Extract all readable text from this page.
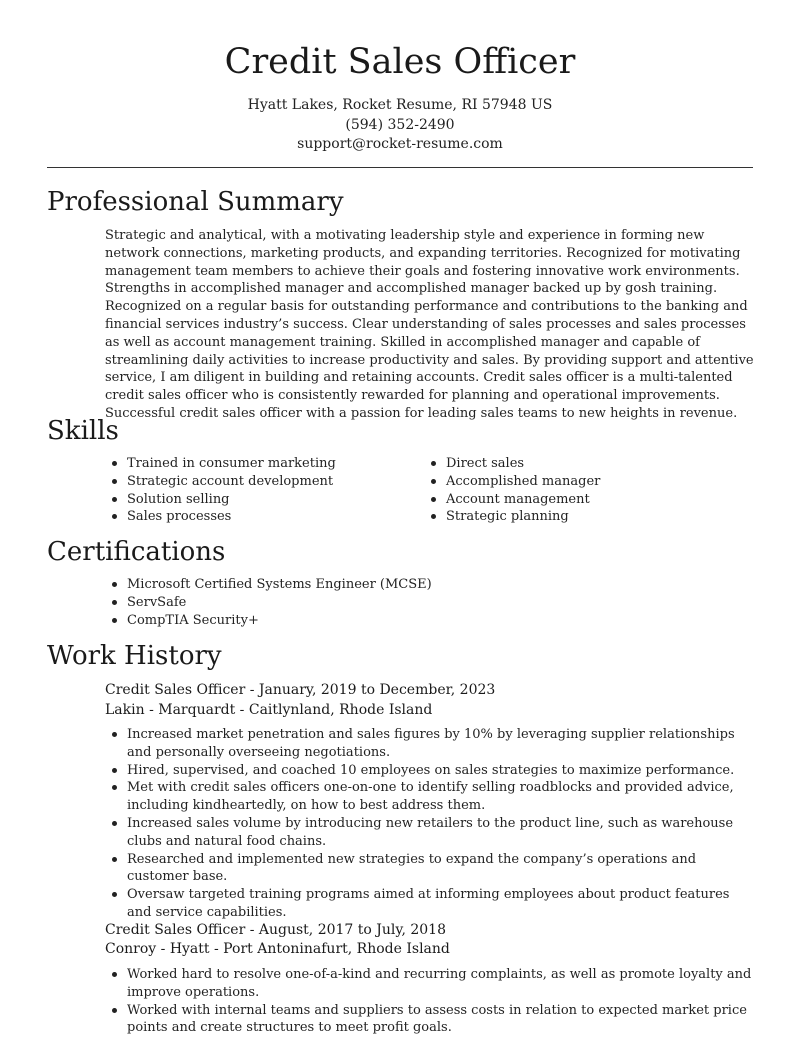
Credit Sales Officer
Hyatt Lakes, Rocket Resume, RI 57948 US
(594) 352-2490
support@rocket-resume.com
Professional Summary

Strategic and analytical, with a motivating leadership style and experience in forming new network connections, marketing products, and expanding territories. Recognized for motivating management team members to achieve their goals and fostering innovative work environments. Strengths in accomplished manager and accomplished manager backed up by gosh training. Recognized on a regular basis for outstanding performance and contributions to the banking and financial services industry’s success. Clear understanding of sales processes and sales processes as well as account management training. Skilled in accomplished manager and capable of streamlining daily activities to increase productivity and sales. By providing support and attentive service, I am diligent in building and retaining accounts. Credit sales officer is a multi-talented credit sales officer who is consistently rewarded for planning and operational improvements. Successful credit sales officer with a passion for leading sales teams to new heights in revenue.

Skills
Trained in consumer marketing
Strategic account development
Solution selling
Sales processes
Direct sales
Accomplished manager
Account management
Strategic planning
Certifications
Microsoft Certified Systems Engineer (MCSE)
ServSafe
CompTIA Security+
Work History
Credit Sales Officer - January, 2019 to December, 2023
Lakin - Marquardt - Caitlynland, Rhode Island
Increased market penetration and sales figures by 10% by leveraging supplier relationships and personally overseeing negotiations.
Hired, supervised, and coached 10 employees on sales strategies to maximize performance.
Met with credit sales officers one-on-one to identify selling roadblocks and provided advice, including kindheartedly, on how to best address them.
Increased sales volume by introducing new retailers to the product line, such as warehouse clubs and natural food chains.
Researched and implemented new strategies to expand the company’s operations and customer base.
Oversaw targeted training programs aimed at informing employees about product features and service capabilities.
Credit Sales Officer - August, 2017 to July, 2018
Conroy - Hyatt - Port Antoninafurt, Rhode Island
Worked hard to resolve one-of-a-kind and recurring complaints, as well as promote loyalty and improve operations.
Worked with internal teams and suppliers to assess costs in relation to expected market price points and create structures to meet profit goals.
